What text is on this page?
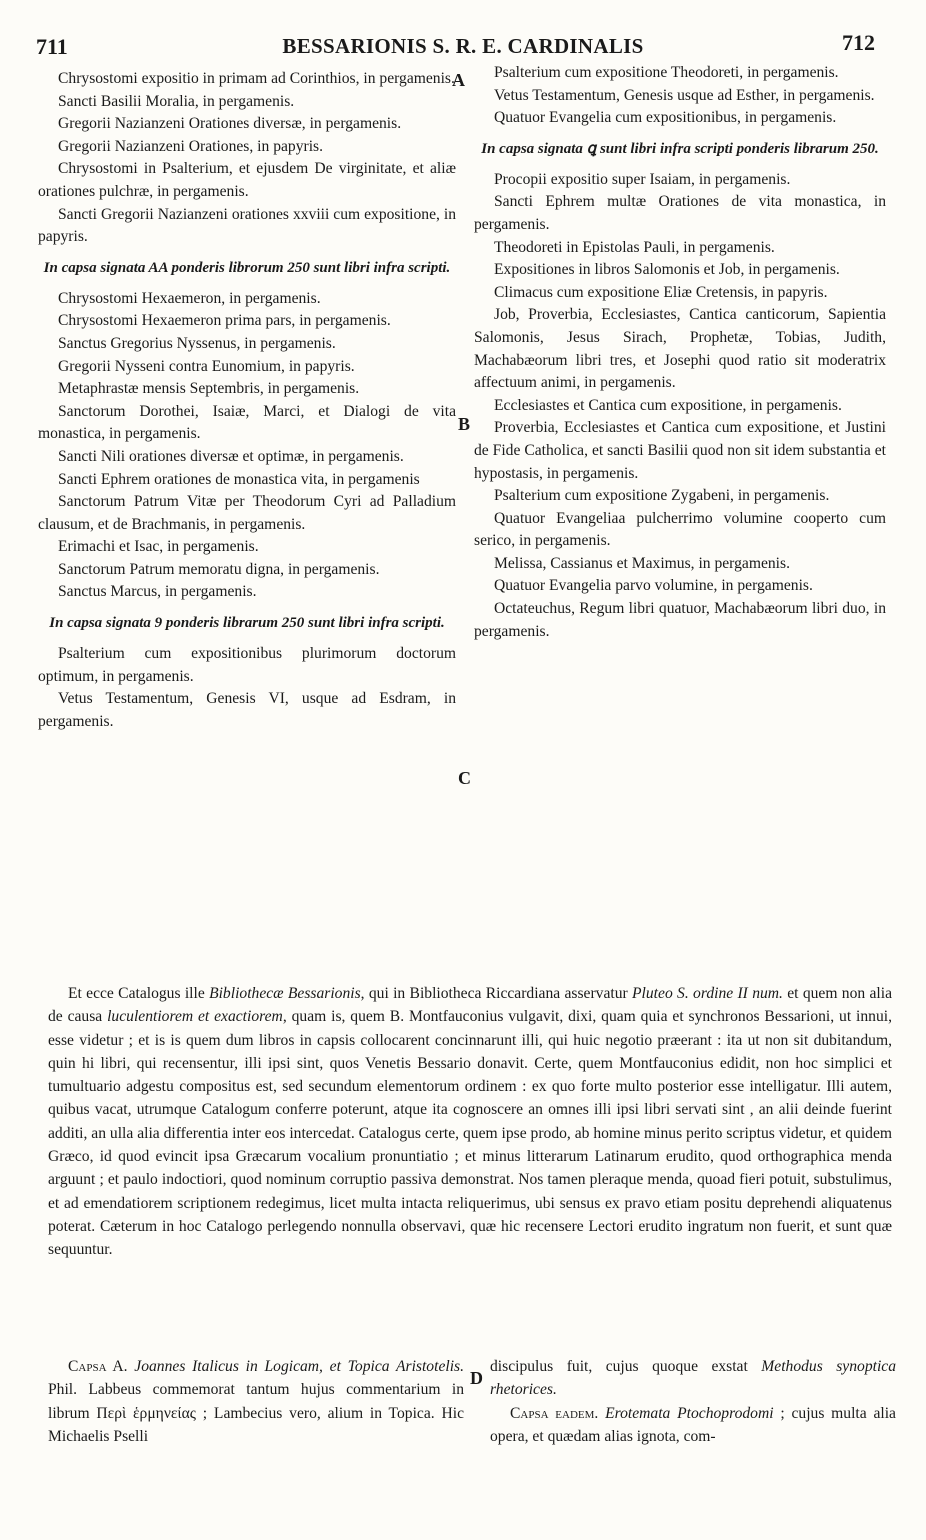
711	BESSARIONIS S. R. E. CARDINALIS	712
A
B
C
D

Chrysostomi expositio in primam ad Corinthios, in pergamenis.

Sancti Basilii Moralia, in pergamenis.

Gregorii Nazianzeni Orationes diversæ, in pergamenis.

Gregorii Nazianzeni Orationes, in papyris.

Chrysostomi in Psalterium, et ejusdem De virginitate, et aliæ orationes pulchræ, in pergamenis.

Sancti Gregorii Nazianzeni orationes xxviii cum expositione, in papyris.

In capsa signata AA ponderis librorum 250 sunt libri infra scripti.

Chrysostomi Hexaemeron, in pergamenis.

Chrysostomi Hexaemeron prima pars, in pergamenis.

Sanctus Gregorius Nyssenus, in pergamenis.

Gregorii Nysseni contra Eunomium, in papyris.

Metaphrastæ mensis Septembris, in pergamenis.

Sanctorum Dorothei, Isaiæ, Marci, et Dialogi de vita monastica, in pergamenis.

Sancti Nili orationes diversæ et optimæ, in pergamenis.

Sancti Ephrem orationes de monastica vita, in pergamenis

Sanctorum Patrum Vitæ per Theodorum Cyri ad Palladium clausum, et de Brachmanis, in pergamenis.

Erimachi et Isac, in pergamenis.

Sanctorum Patrum memoratu digna, in pergamenis.

Sanctus Marcus, in pergamenis.

In capsa signata 9 ponderis librarum 250 sunt libri infra scripti.

Psalterium cum expositionibus plurimorum doctorum optimum, in pergamenis.

Vetus Testamentum, Genesis VI, usque ad Esdram, in pergamenis.

Psalterium cum expositione Theodoreti, in pergamenis.

Vetus Testamentum, Genesis usque ad Esther, in pergamenis.

Quatuor Evangelia cum expositionibus, in pergamenis.

In capsa signata ꝗ sunt libri infra scripti ponderis librarum 250.

Procopii expositio super Isaiam, in pergamenis.

Sancti Ephrem multæ Orationes de vita monastica, in pergamenis.

Theodoreti in Epistolas Pauli, in pergamenis.

Expositiones in libros Salomonis et Job, in pergamenis.

Climacus cum expositione Eliæ Cretensis, in papyris.

Job, Proverbia, Ecclesiastes, Cantica canticorum, Sapientia Salomonis, Jesus Sirach, Prophetæ, Tobias, Judith, Machabæorum libri tres, et Josephi quod ratio sit moderatrix affectuum animi, in pergamenis.

Ecclesiastes et Cantica cum expositione, in pergamenis.

Proverbia, Ecclesiastes et Cantica cum expositione, et Justini de Fide Catholica, et sancti Basilii quod non sit idem substantia et hypostasis, in pergamenis.

Psalterium cum expositione Zygabeni, in pergamenis.

Quatuor Evangeliaa pulcherrimo volumine cooperto cum serico, in pergamenis.

Melissa, Cassianus et Maximus, in pergamenis.

Quatuor Evangelia parvo volumine, in pergamenis.

Octateuchus, Regum libri quatuor, Machabæorum libri duo, in pergamenis.

Et ecce Catalogus ille Bibliothecæ Bessarionis, qui in Bibliotheca Riccardiana asservatur Pluteo S. ordine II num. et quem non alia de causa luculentiorem et exactiorem, quam is, quem B. Montfauconius vulgavit, dixi, quam quia et synchronos Bessarioni, ut innui, esse videtur ; et is is quem dum libros in capsis collocarent concinnarunt illi, qui huic negotio præerant : ita ut non sit dubitandum, quin hi libri, qui recensentur, illi ipsi sint, quos Venetis Bessario donavit. Certe, quem Montfauconius edidit, non hoc simplici et tumultuario adgestu compositus est, sed secundum elementorum ordinem : ex quo forte multo posterior esse intelligatur. Illi autem, quibus vacat, utrumque Catalogum conferre poterunt, atque ita cognoscere an omnes illi ipsi libri servati sint , an alii deinde fuerint additi, an ulla alia differentia inter eos intercedat. Catalogus certe, quem ipse prodo, ab homine minus perito scriptus videtur, et quidem Græco, id quod evincit ipsa Græcarum vocalium pronuntiatio ; et minus litterarum Latinarum erudito, quod orthographica menda arguunt ; et paulo indoctiori, quod nominum corruptio passiva demonstrat. Nos tamen pleraque menda, quoad fieri potuit, substulimus, et ad emendatiorem scriptionem redegimus, licet multa intacta reliquerimus, ubi sensus ex pravo etiam positu deprehendi aliquatenus poterat. Cæterum in hoc Catalogo perlegendo nonnulla observavi, quæ hic recensere Lectori erudito ingratum non fuerit, et sunt quæ sequuntur.

Capsa A. Joannes Italicus in Logicam, et Topica Aristotelis. Phil. Labbeus commemorat tantum hujus commentarium in librum Περὶ ἑρμηνείας ; Lambecius vero, alium in Topica. Hic Michaelis Pselli

discipulus fuit, cujus quoque exstat Methodus synoptica rhetorices.

Capsa eadem. Erotemata Ptochoprodomi ; cujus multa alia opera, et quædam alias ignota, com-
